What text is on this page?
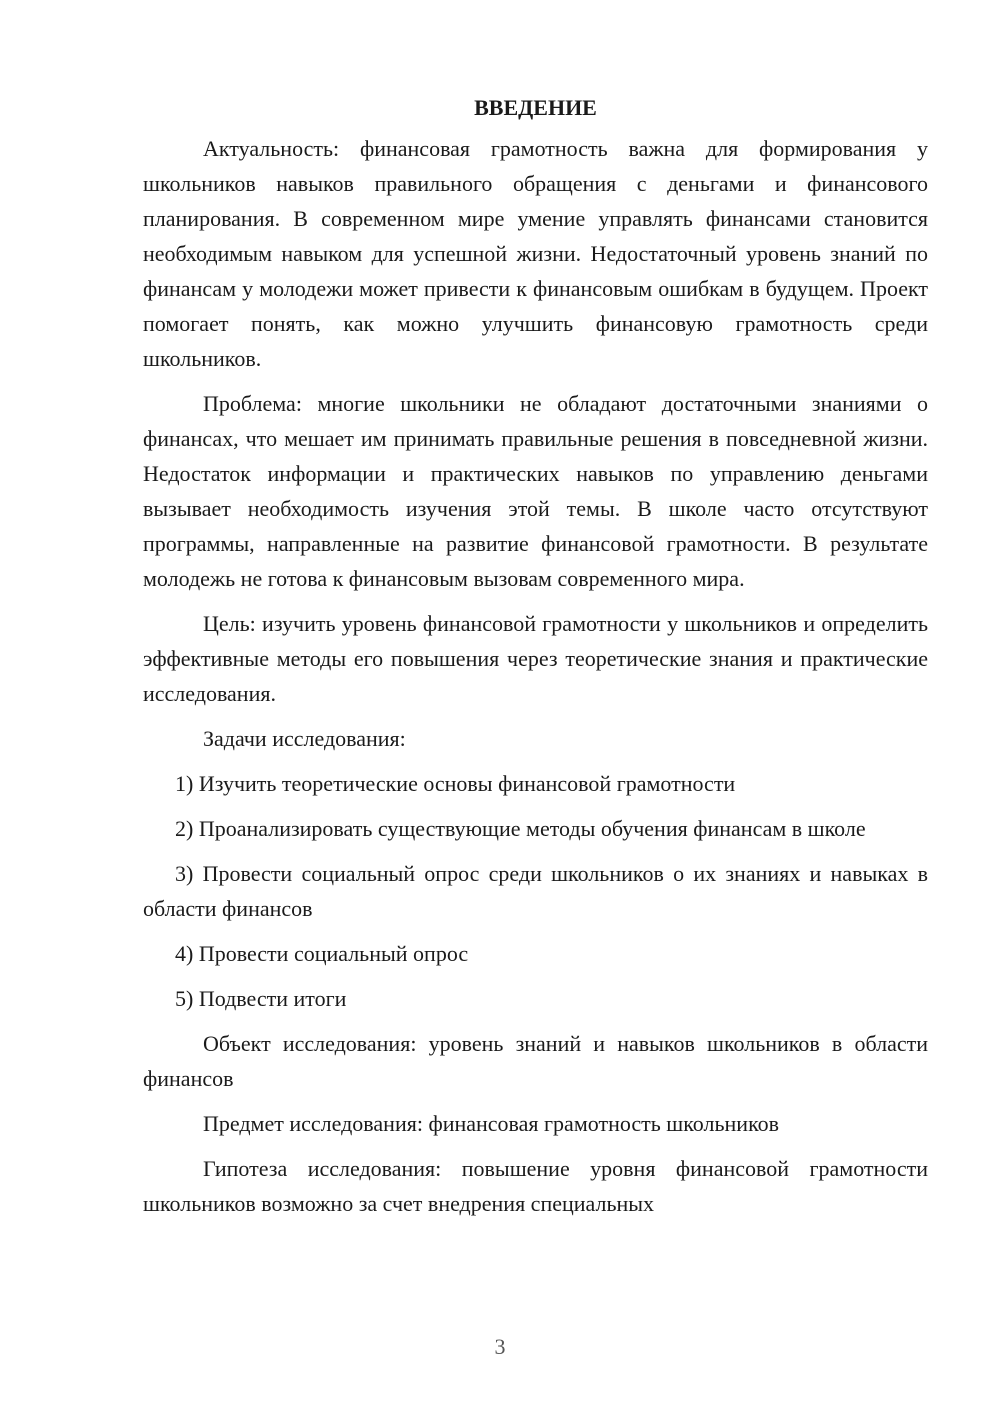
ВВЕДЕНИЕ

Актуальность: финансовая грамотность важна для формирования у школьников навыков правильного обращения с деньгами и финансового планирования. В современном мире умение управлять финансами становится необходимым навыком для успешной жизни. Недостаточный уровень знаний по финансам у молодежи может привести к финансовым ошибкам в будущем. Проект помогает понять, как можно улучшить финансовую грамотность среди школьников.

Проблема: многие школьники не обладают достаточными знаниями о финансах, что мешает им принимать правильные решения в повседневной жизни. Недостаток информации и практических навыков по управлению деньгами вызывает необходимость изучения этой темы. В школе часто отсутствуют программы, направленные на развитие финансовой грамотности. В результате молодежь не готова к финансовым вызовам современного мира.

Цель: изучить уровень финансовой грамотности у школьников и определить эффективные методы его повышения через теоретические знания и практические исследования.

Задачи исследования:

1) Изучить теоретические основы финансовой грамотности

2) Проанализировать существующие методы обучения финансам в школе

3) Провести социальный опрос среди школьников о их знаниях и навыках в области финансов

4) Провести социальный опрос

5) Подвести итоги

Объект исследования: уровень знаний и навыков школьников в области финансов

Предмет исследования: финансовая грамотность школьников

Гипотеза исследования: повышение уровня финансовой грамотности школьников возможно за счет внедрения специальных

3
